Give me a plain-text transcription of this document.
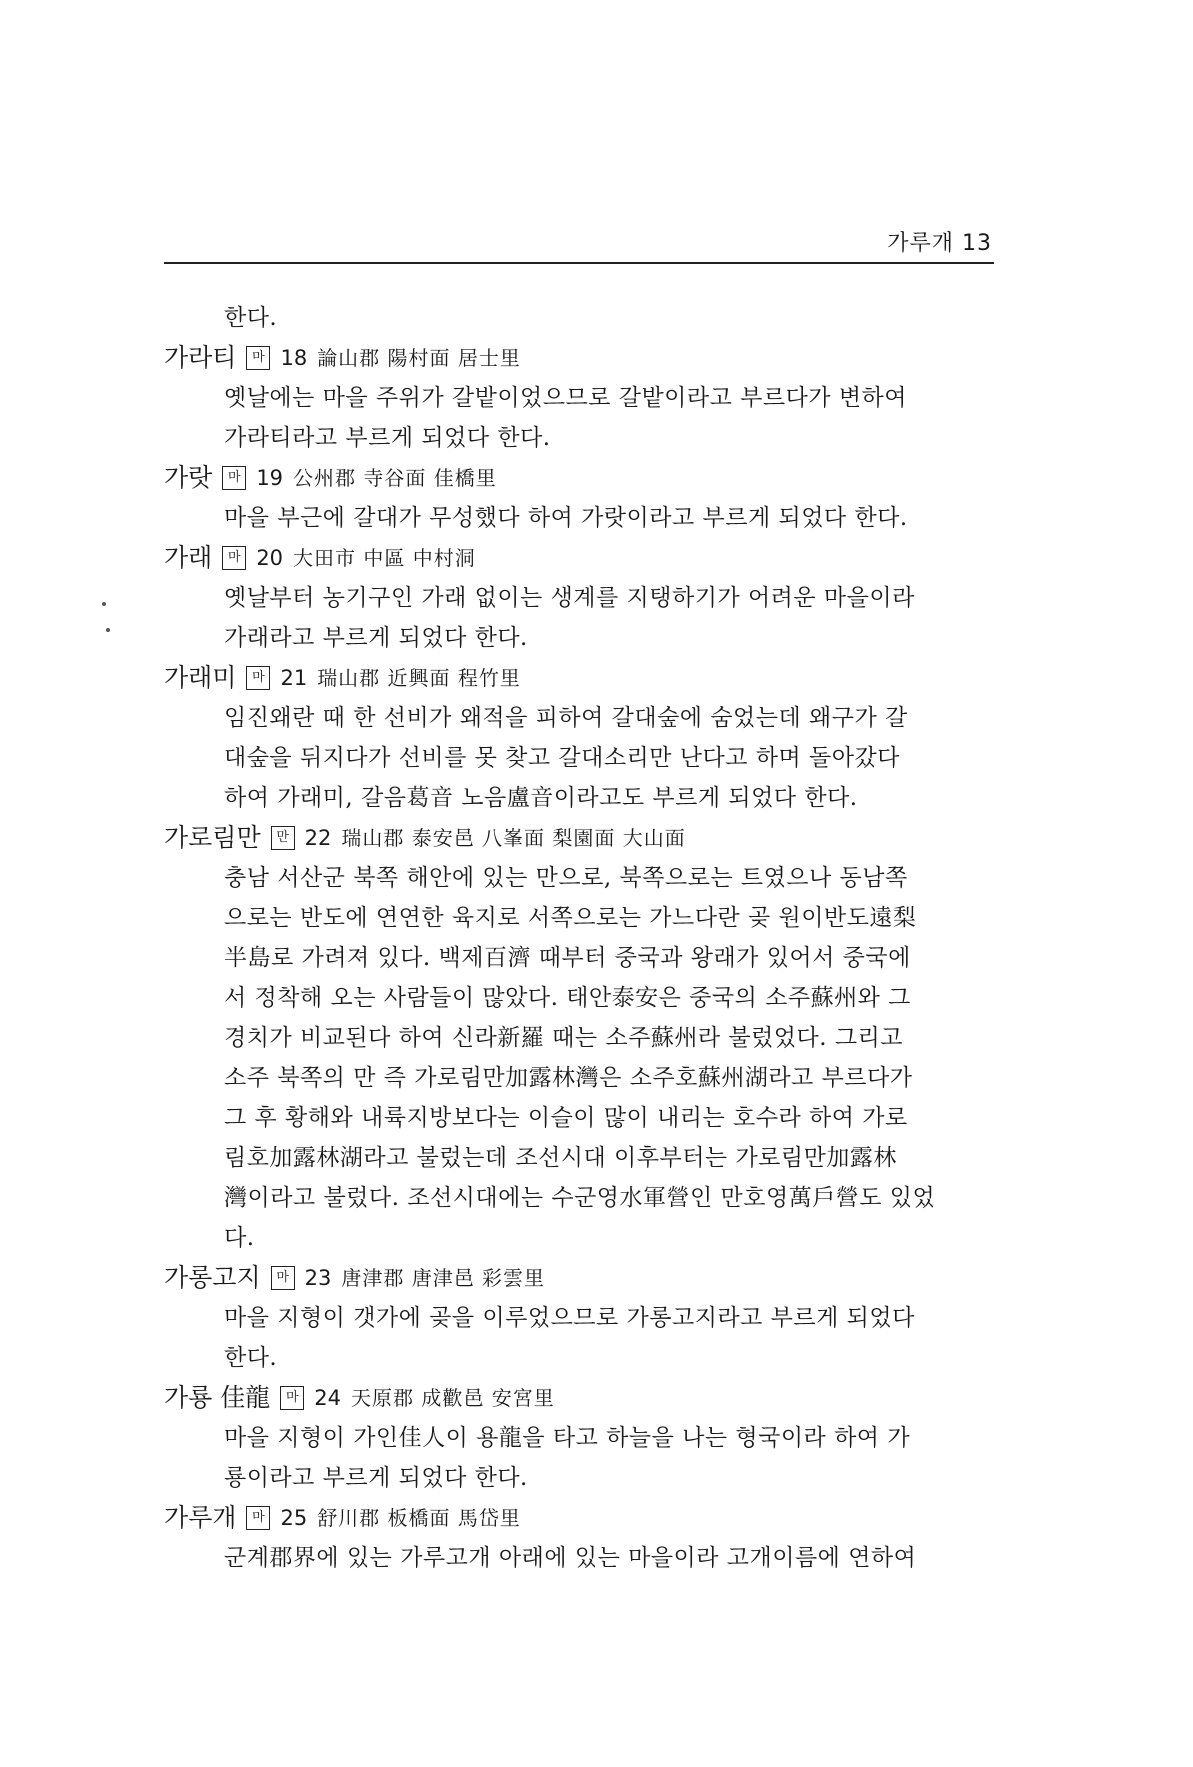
가루개 13
한다.
가라티	마 18 論山郡 陽村面 居士里
옛날에는 마을 주위가 갈밭이었으므로 갈밭이라고 부르다가 변하여
가라티라고 부르게 되었다 한다.
가랏	마 19 公州郡 寺谷面 佳橋里
마을 부근에 갈대가 무성했다 하여 가랏이라고 부르게 되었다 한다.
가래	마 20 大田市 中區 中村洞
옛날부터 농기구인 가래 없이는 생계를 지탱하기가 어려운 마을이라
가래라고 부르게 되었다 한다.
가래미	마 21 瑞山郡 近興面 程竹里
임진왜란 때 한 선비가 왜적을 피하여 갈대숲에 숨었는데 왜구가 갈
대숲을 뒤지다가 선비를 못 찾고 갈대소리만 난다고 하며 돌아갔다
하여 가래미, 갈음葛音 노음盧音이라고도 부르게 되었다 한다.
가로림만	만 22 瑞山郡 泰安邑 八峯面 梨園面 大山面
충남 서산군 북쪽 해안에 있는 만으로, 북쪽으로는 트였으나 동남쪽
으로는 반도에 연연한 육지로 서쪽으로는 가느다란 곶 원이반도遠梨
半島로 가려져 있다. 백제百濟 때부터 중국과 왕래가 있어서 중국에
서 정착해 오는 사람들이 많았다. 태안泰安은 중국의 소주蘇州와 그
경치가 비교된다 하여 신라新羅 때는 소주蘇州라 불렀었다. 그리고
소주 북쪽의 만 즉 가로림만加露林灣은 소주호蘇州湖라고 부르다가
그 후 황해와 내륙지방보다는 이슬이 많이 내리는 호수라 하여 가로
림호加露林湖라고 불렀는데 조선시대 이후부터는 가로림만加露林
灣이라고 불렀다. 조선시대에는 수군영水軍營인 만호영萬戶營도 있었
다.
가롱고지	마 23 唐津郡 唐津邑 彩雲里
마을 지형이 갯가에 곶을 이루었으므로 가롱고지라고 부르게 되었다
한다.
가룡 佳龍	마 24 天原郡 成歡邑 安宮里
마을 지형이 가인佳人이 용龍을 타고 하늘을 나는 형국이라 하여 가
룡이라고 부르게 되었다 한다.
가루개	마 25 舒川郡 板橋面 馬岱里
군계郡界에 있는 가루고개 아래에 있는 마을이라 고개이름에 연하여
